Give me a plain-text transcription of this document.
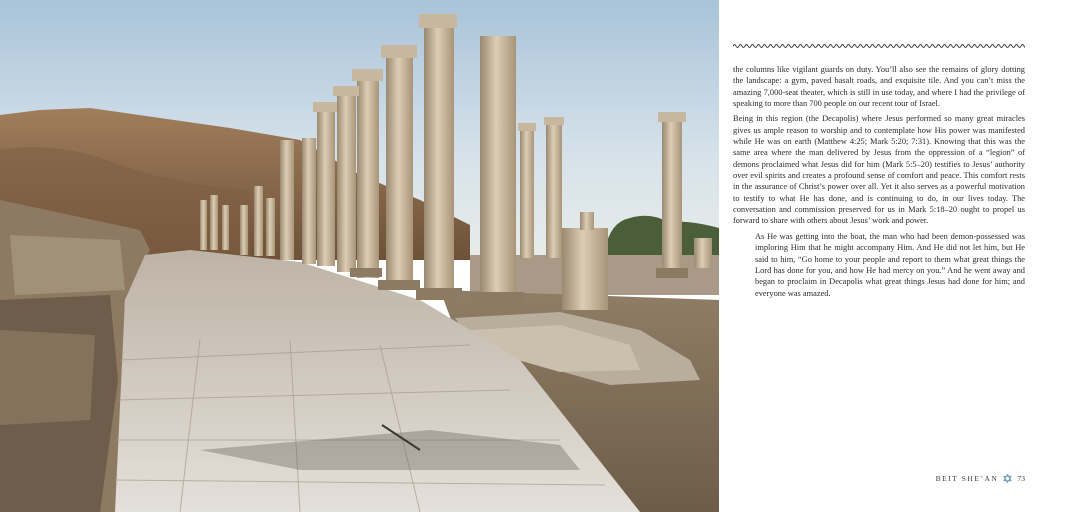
the columns like vigilant guards on duty. You’ll also see the remains of glory dotting the landscape: a gym, paved basalt roads, and exquisite tile. And you can’t miss the amazing 7,000-seat theater, which is still in use today, and where I had the privilege of speaking to more than 700 people on our recent tour of Israel.

Being in this region (the Decapolis) where Jesus performed so many great miracles gives us ample reason to worship and to contemplate how His power was manifested while He was on earth (Matthew 4:25; Mark 5:20; 7:31). Knowing that this was the same area where the man delivered by Jesus from the oppression of a “legion” of demons proclaimed what Jesus did for him (Mark 5:5–20) testifies to Jesus’ authority over evil spirits and creates a profound sense of comfort and peace. This comfort rests in the assurance of Christ’s power over all. Yet it also serves as a powerful motivation to testify to what He has done, and is continuing to do, in our lives today. The conversation and commission preserved for us in Mark 5:18–20 ought to propel us forward to share with others about Jesus’ work and power.

As He was getting into the boat, the man who had been demon-possessed was imploring Him that he might accompany Him. And He did not let him, but He said to him, “Go home to your people and report to them what great things the Lord has done for you, and how He had mercy on you.” And he went away and began to proclaim in Decapolis what great things Jesus had done for him; and everyone was amazed.

BEIT SHE’AN	73
